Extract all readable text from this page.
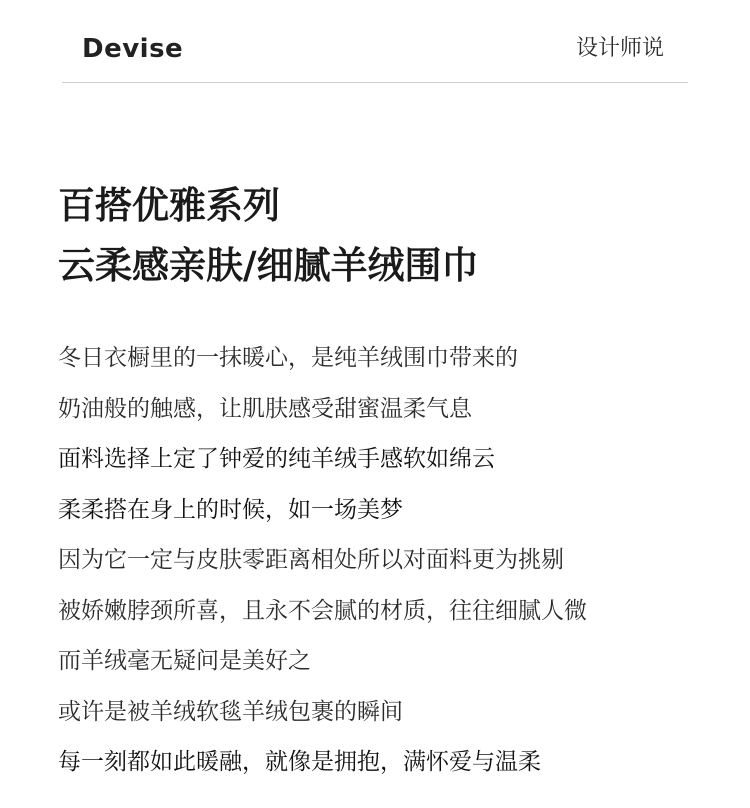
Devise	设计师说
百搭优雅系列
云柔感亲肤/细腻羊绒围巾
冬日衣橱里的一抹暖心，是纯羊绒围巾带来的
奶油般的触感，让肌肤感受甜蜜温柔气息
面料选择上定了钟爱的纯羊绒手感软如绵云
柔柔搭在身上的时候，如一场美梦
因为它一定与皮肤零距离相处所以对面料更为挑剔
被娇嫩脖颈所喜，且永不会腻的材质，往往细腻人微
而羊绒毫无疑问是美好之
或许是被羊绒软毯羊绒包裹的瞬间
每一刻都如此暖融，就像是拥抱，满怀爱与温柔
